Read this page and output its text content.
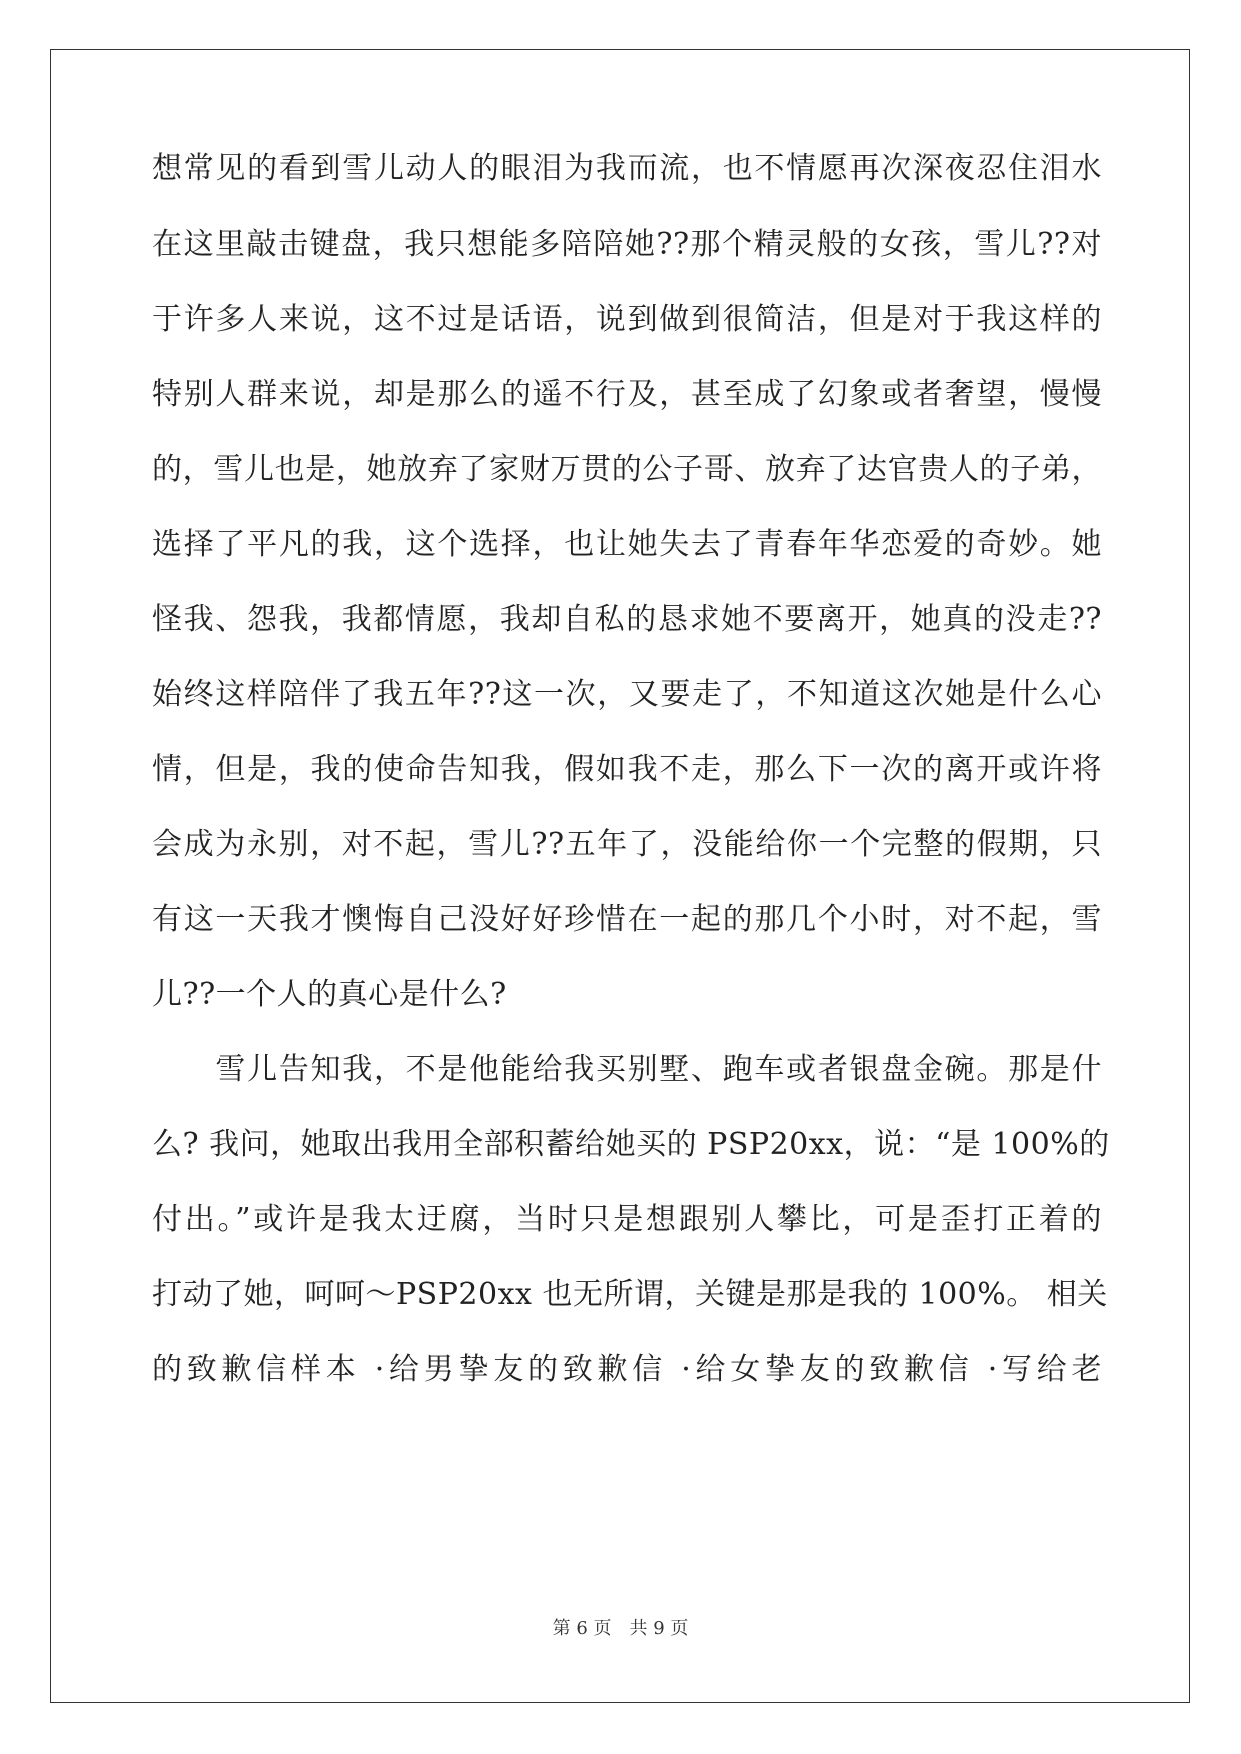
想常见的看到雪儿动人的眼泪为我而流，也不情愿再次深夜忍住泪水
在这里敲击键盘，我只想能多陪陪她??那个精灵般的女孩，雪儿??对
于许多人来说，这不过是话语，说到做到很简洁，但是对于我这样的
特别人群来说，却是那么的遥不行及，甚至成了幻象或者奢望，慢慢
的，雪儿也是，她放弃了家财万贯的公子哥、放弃了达官贵人的子弟，
选择了平凡的我，这个选择，也让她失去了青春年华恋爱的奇妙。她
怪我、怨我，我都情愿，我却自私的恳求她不要离开，她真的没走??
始终这样陪伴了我五年??这一次，又要走了，不知道这次她是什么心
情，但是，我的使命告知我，假如我不走，那么下一次的离开或许将
会成为永别，对不起，雪儿??五年了，没能给你一个完整的假期，只
有这一天我才懊悔自己没好好珍惜在一起的那几个小时，对不起，雪
儿??一个人的真心是什么?
　　雪儿告知我，不是他能给我买别墅、跑车或者银盘金碗。那是什
么? 我问，她取出我用全部积蓄给她买的 PSP20xx，说：“是 100%的
付出。”或许是我太迂腐，当时只是想跟别人攀比，可是歪打正着的
打动了她，呵呵～PSP20xx 也无所谓，关键是那是我的 100%。 相关
的致歉信样本 ·给男挚友的致歉信 ·给女挚友的致歉信 ·写给老
第 6 页　共 9 页
